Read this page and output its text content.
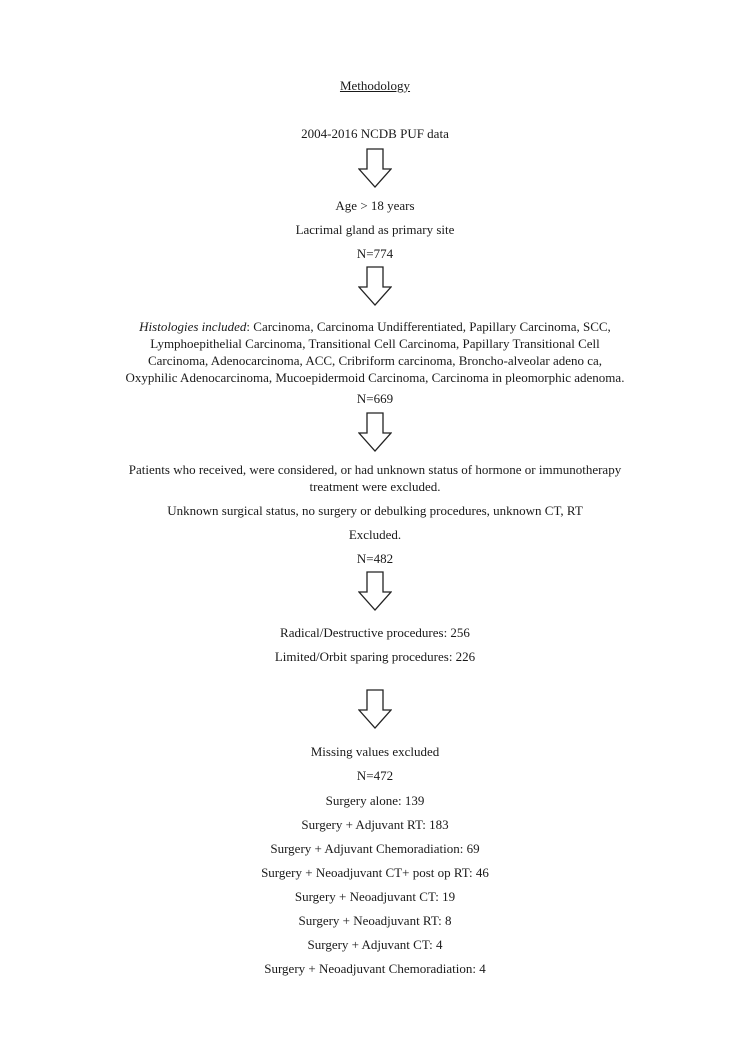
Methodology
2004-2016 NCDB PUF data
Age > 18 years
Lacrimal gland as primary site
N=774
Histologies included: Carcinoma, Carcinoma Undifferentiated, Papillary Carcinoma, SCC,
Lymphoepithelial Carcinoma, Transitional Cell Carcinoma, Papillary Transitional Cell
Carcinoma, Adenocarcinoma, ACC, Cribriform carcinoma, Broncho-alveolar adeno ca,
Oxyphilic Adenocarcinoma, Mucoepidermoid Carcinoma, Carcinoma in pleomorphic adenoma.
N=669
Patients who received, were considered, or had unknown status of hormone or immunotherapy
treatment were excluded.
Unknown surgical status, no surgery or debulking procedures, unknown CT, RT
Excluded.
N=482
Radical/Destructive procedures: 256
Limited/Orbit sparing procedures: 226
Missing values excluded
N=472
Surgery alone: 139
Surgery + Adjuvant RT: 183
Surgery + Adjuvant Chemoradiation: 69
Surgery + Neoadjuvant CT+ post op RT: 46
Surgery + Neoadjuvant CT: 19
Surgery + Neoadjuvant RT: 8
Surgery + Adjuvant CT: 4
Surgery + Neoadjuvant Chemoradiation: 4
